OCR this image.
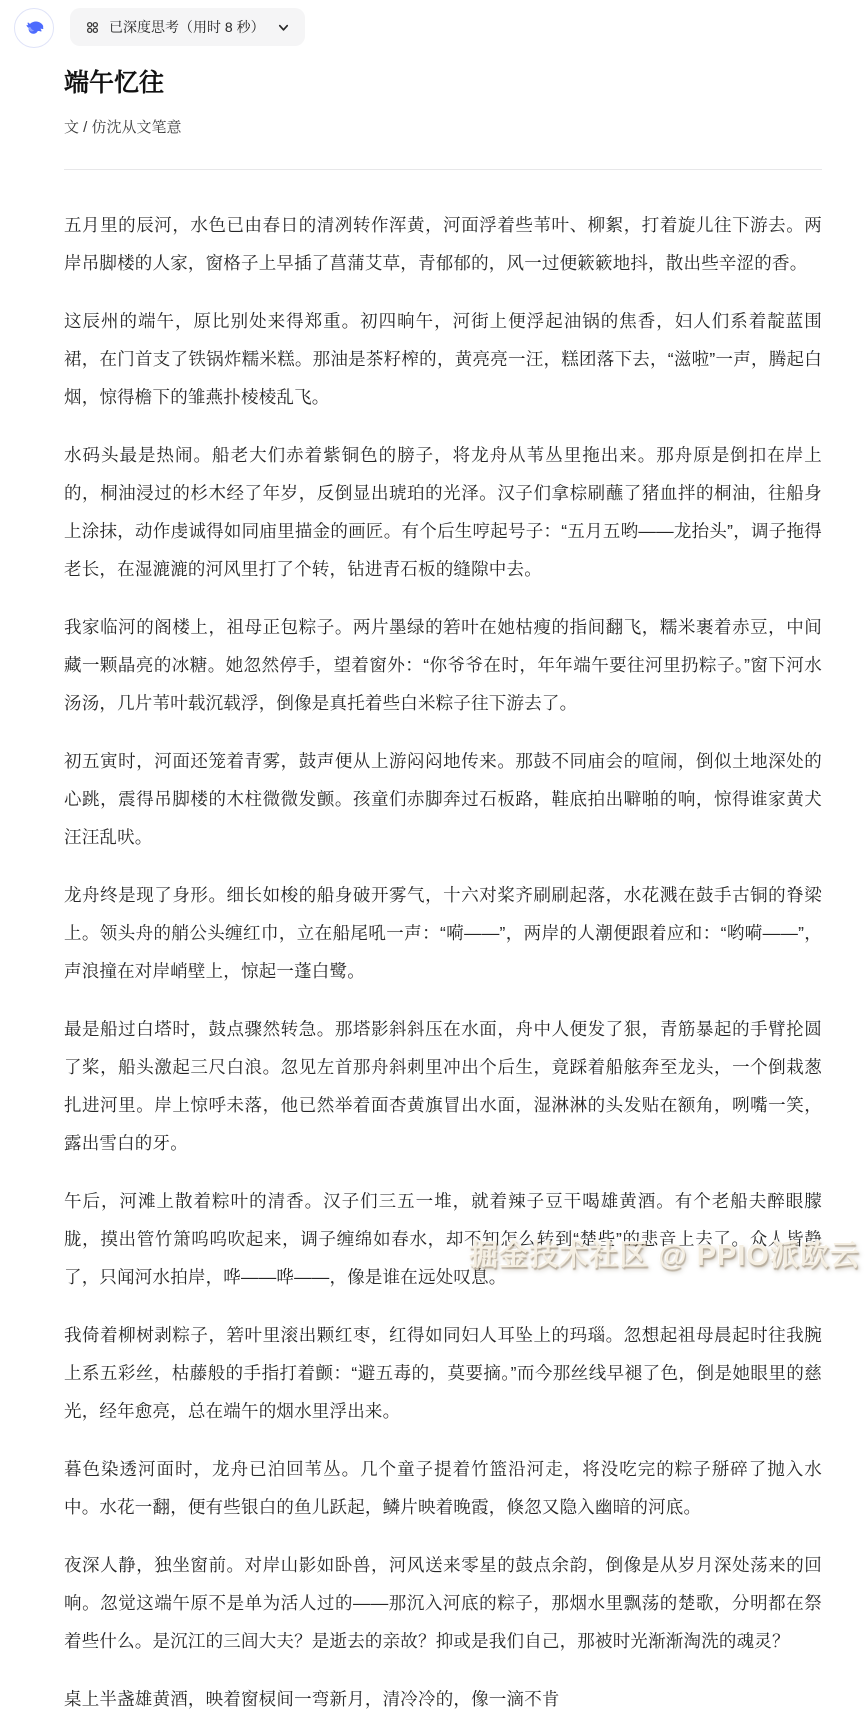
已深度思考（用时 8 秒）
端午忆往
文 / 仿沈从文笔意

五月里的辰河，水色已由春日的清冽转作浑黄，河面浮着些苇叶、柳絮，打着旋儿往下游去。两岸吊脚楼的人家，窗格子上早插了菖蒲艾草，青郁郁的，风一过便簌簌地抖，散出些辛涩的香。

这辰州的端午，原比别处来得郑重。初四晌午，河街上便浮起油锅的焦香，妇人们系着靛蓝围裙，在门首支了铁锅炸糯米糕。那油是茶籽榨的，黄亮亮一汪，糕团落下去，“滋啦”一声，腾起白烟，惊得檐下的雏燕扑棱棱乱飞。

水码头最是热闹。船老大们赤着紫铜色的膀子，将龙舟从苇丛里拖出来。那舟原是倒扣在岸上的，桐油浸过的杉木经了年岁，反倒显出琥珀的光泽。汉子们拿棕刷蘸了猪血拌的桐油，往船身上涂抹，动作虔诚得如同庙里描金的画匠。有个后生哼起号子：“五月五哟——龙抬头”，调子拖得老长，在湿漉漉的河风里打了个转，钻进青石板的缝隙中去。

我家临河的阁楼上，祖母正包粽子。两片墨绿的箬叶在她枯瘦的指间翻飞，糯米裹着赤豆，中间藏一颗晶亮的冰糖。她忽然停手，望着窗外：“你爷爷在时，年年端午要往河里扔粽子。”窗下河水汤汤，几片苇叶载沉载浮，倒像是真托着些白米粽子往下游去了。

初五寅时，河面还笼着青雾，鼓声便从上游闷闷地传来。那鼓不同庙会的喧闹，倒似土地深处的心跳，震得吊脚楼的木柱微微发颤。孩童们赤脚奔过石板路，鞋底拍出噼啪的响，惊得谁家黄犬汪汪乱吠。

龙舟终是现了身形。细长如梭的船身破开雾气，十六对桨齐刷刷起落，水花溅在鼓手古铜的脊梁上。领头舟的艄公头缠红巾，立在船尾吼一声：“嗬——”，两岸的人潮便跟着应和：“哟嗬——”，声浪撞在对岸峭壁上，惊起一蓬白鹭。

最是船过白塔时，鼓点骤然转急。那塔影斜斜压在水面，舟中人便发了狠，青筋暴起的手臂抡圆了桨，船头激起三尺白浪。忽见左首那舟斜刺里冲出个后生，竟踩着船舷奔至龙头，一个倒栽葱扎进河里。岸上惊呼未落，他已然举着面杏黄旗冒出水面，湿淋淋的头发贴在额角，咧嘴一笑，露出雪白的牙。

午后，河滩上散着粽叶的清香。汉子们三五一堆，就着辣子豆干喝雄黄酒。有个老船夫醉眼朦胧，摸出管竹箫呜呜吹起来，调子缠绵如春水，却不知怎么转到“楚些”的悲音上去了。众人皆静了，只闻河水拍岸，哗——哗——，像是谁在远处叹息。

我倚着柳树剥粽子，箬叶里滚出颗红枣，红得如同妇人耳坠上的玛瑙。忽想起祖母晨起时往我腕上系五彩丝，枯藤般的手指打着颤：“避五毒的，莫要摘。”而今那丝线早褪了色，倒是她眼里的慈光，经年愈亮，总在端午的烟水里浮出来。

暮色染透河面时，龙舟已泊回苇丛。几个童子提着竹篮沿河走，将没吃完的粽子掰碎了抛入水中。水花一翻，便有些银白的鱼儿跃起，鳞片映着晚霞，倏忽又隐入幽暗的河底。

夜深人静，独坐窗前。对岸山影如卧兽，河风送来零星的鼓点余韵，倒像是从岁月深处荡来的回响。忽觉这端午原不是单为活人过的——那沉入河底的粽子，那烟水里飘荡的楚歌，分明都在祭着些什么。是沉江的三闾大夫？是逝去的亲故？抑或是我们自己，那被时光渐渐淘洗的魂灵？

桌上半盏雄黄酒，映着窗棂间一弯新月，清冷冷的，像一滴不肯

掘金技术社区 @ PPIO派欧云
